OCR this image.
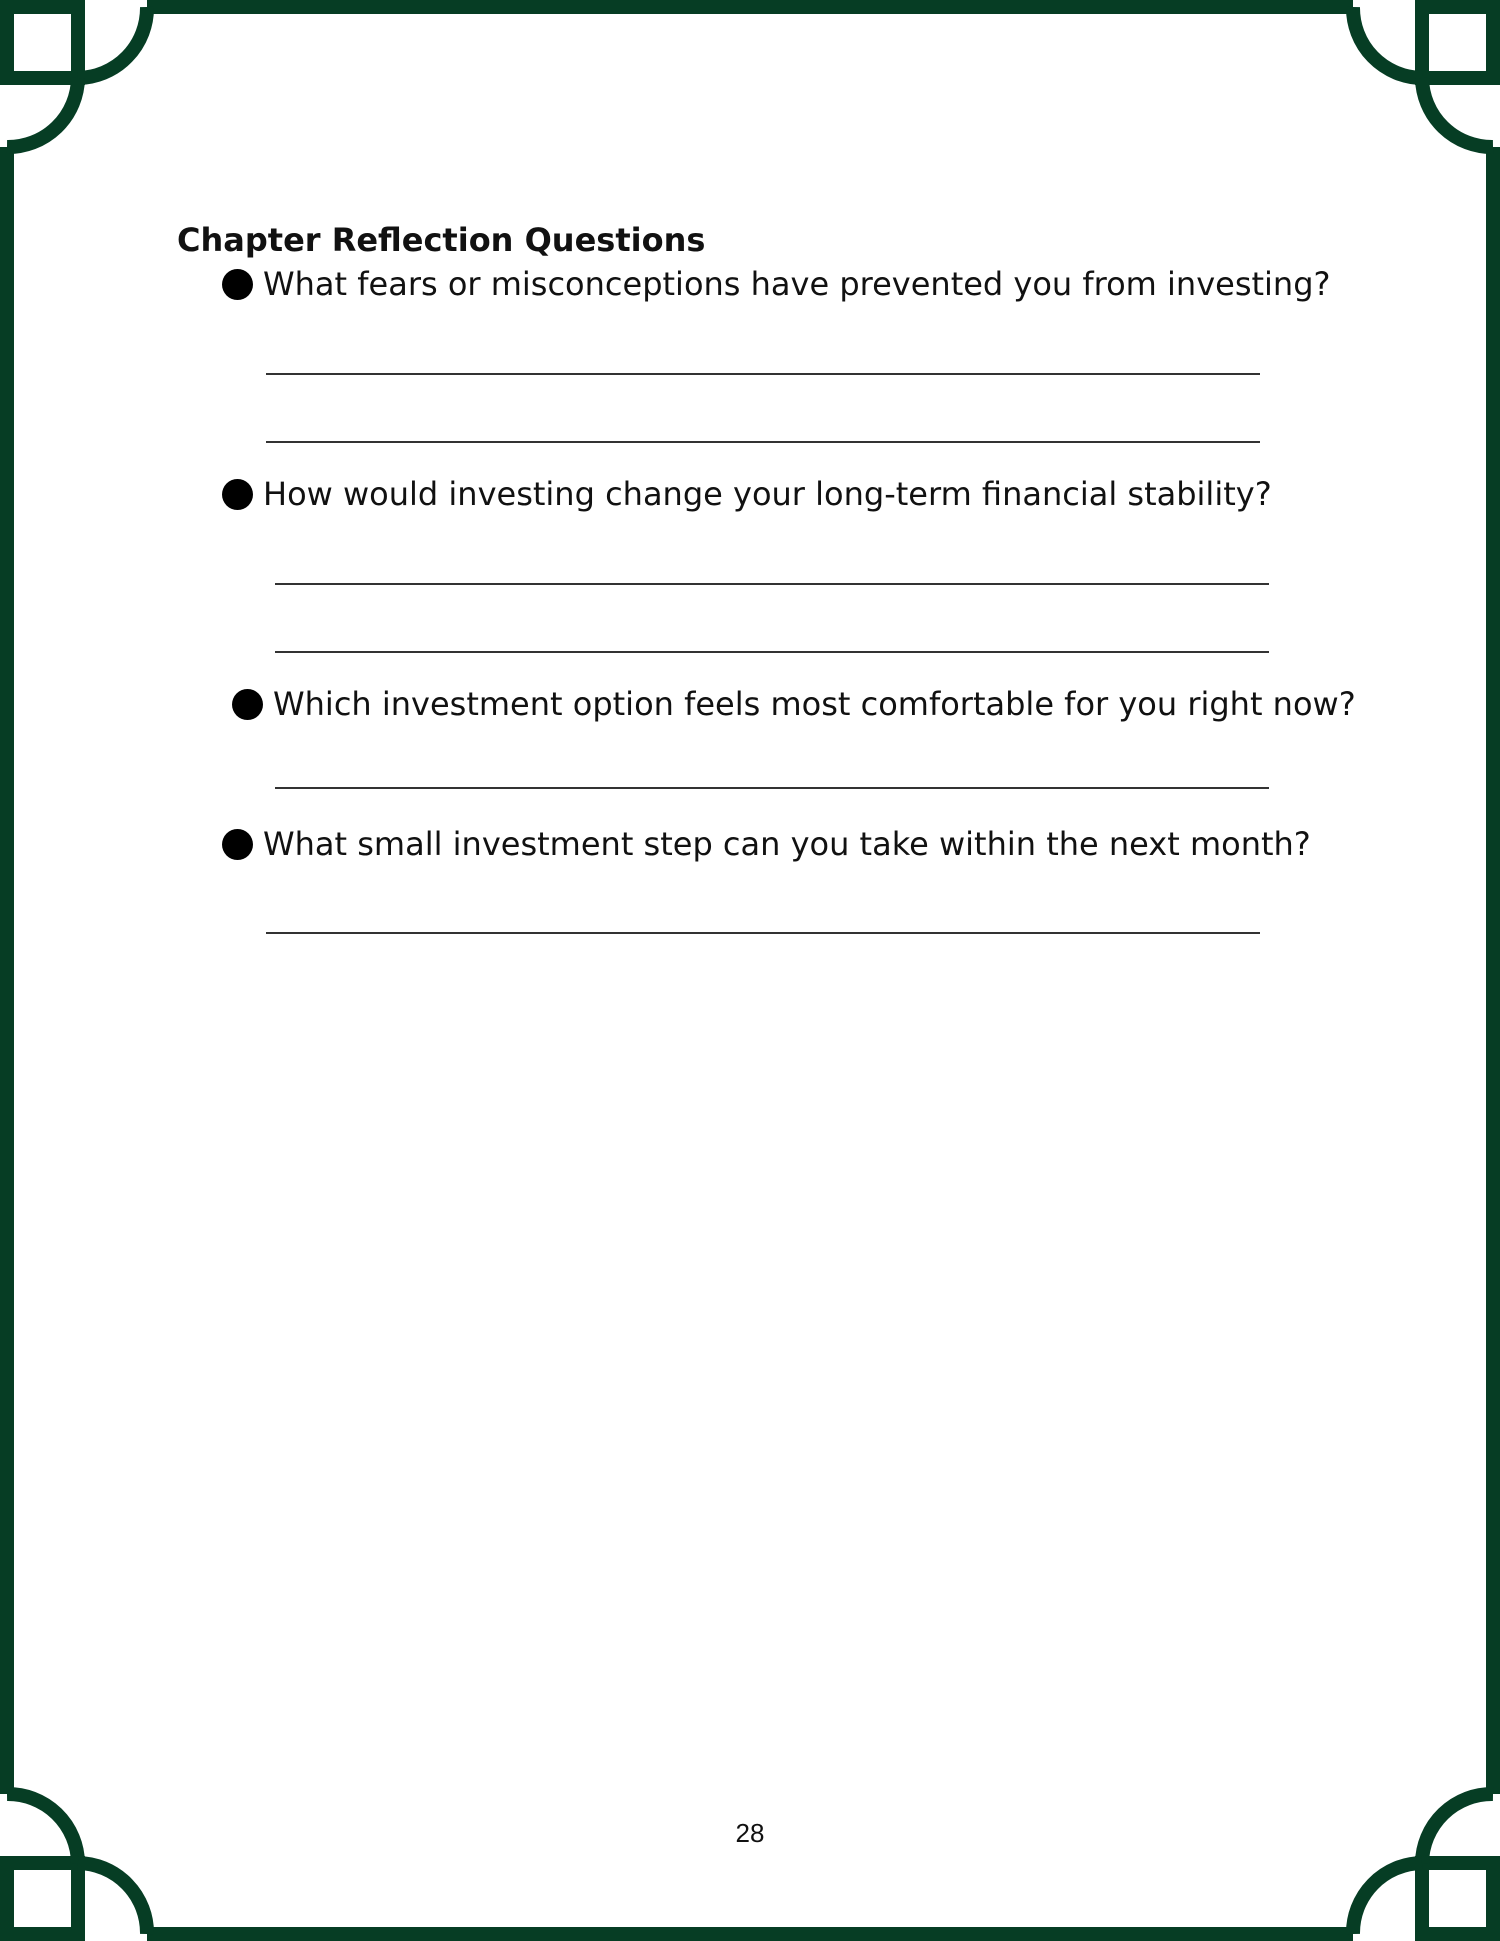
Chapter Reflection Questions
What fears or misconceptions have prevented you from investing?
How would investing change your long-term financial stability?
Which investment option feels most comfortable for you right now?
What small investment step can you take within the next month?
28
